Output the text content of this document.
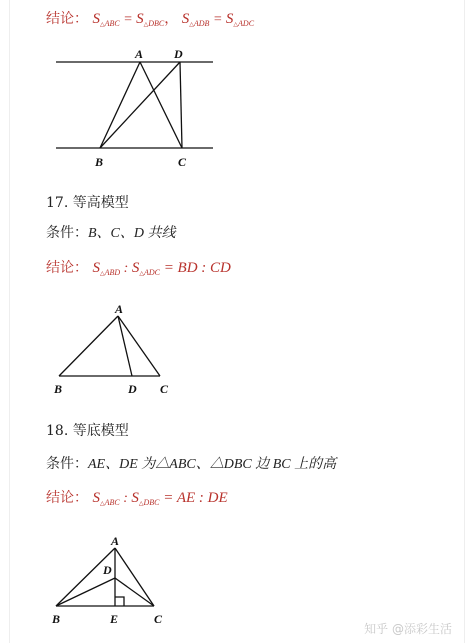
结论： $S_{\triangle ABC} = S_{\triangle DBC}$， $S_{\triangle ADB} = S_{\triangle ADC}$
17. 等高模型
条件：B、C、D 共线
结论： $S_{\triangle ABD}$ : $S_{\triangle ADC}$ = BD : CD
18. 等底模型
条件：AE、DE 为△ABC、△DBC 边 BC 上的高
结论： $S_{\triangle ABC}$ : $S_{\triangle DBC}$ = AE : DE
A	D
B	C
A
B	D C
A
D
B	E	C
知乎 @添彩生活
